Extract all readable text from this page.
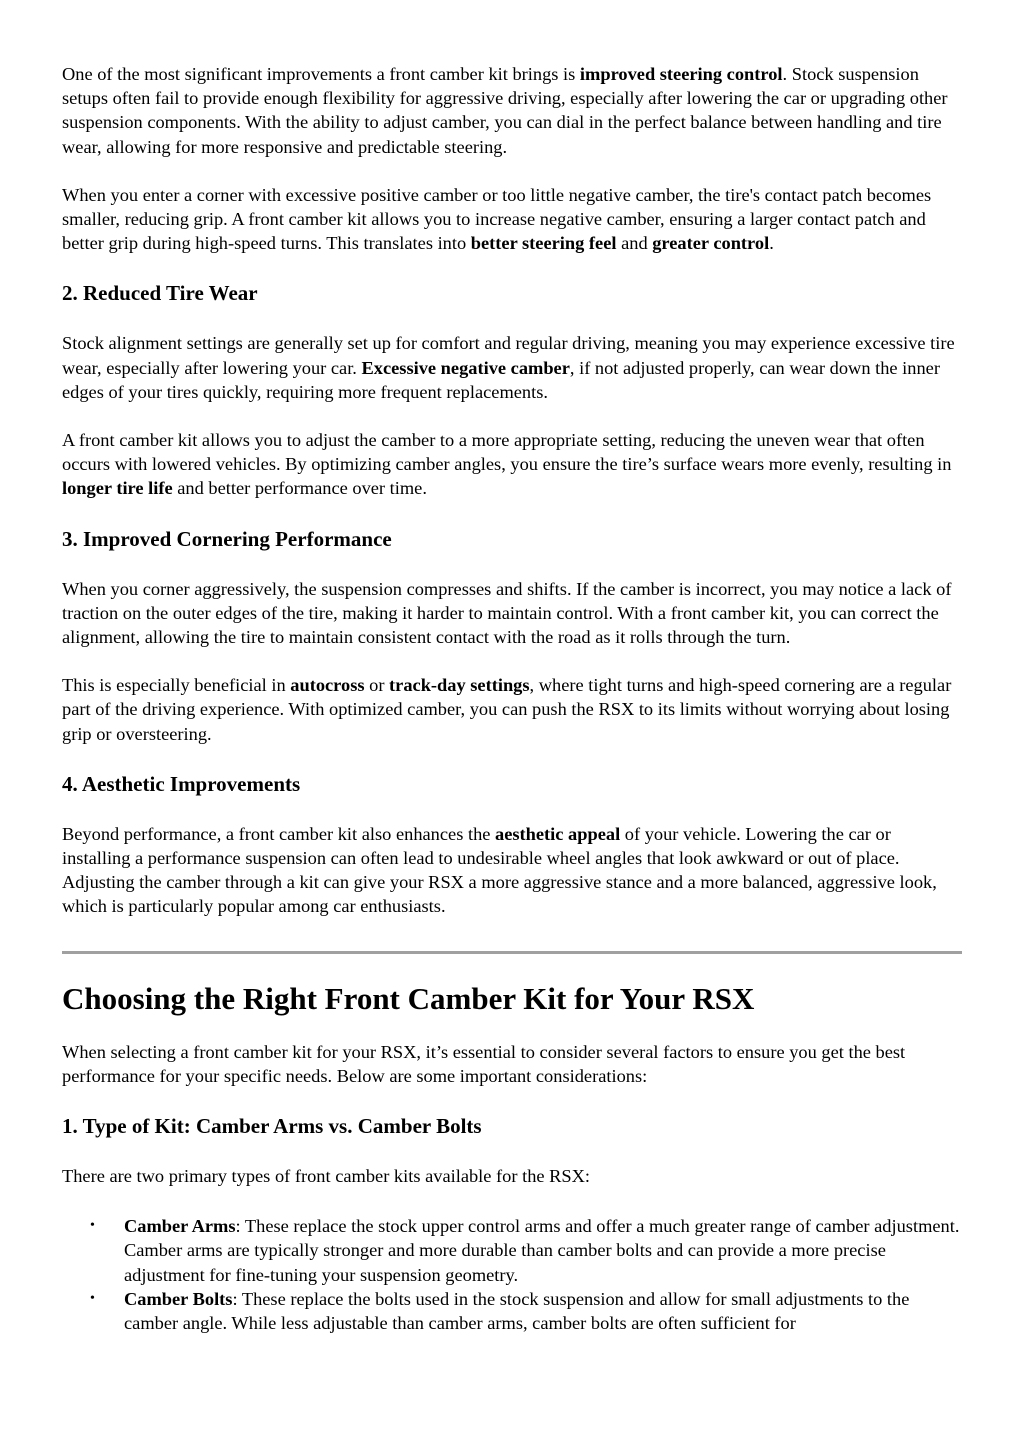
One of the most significant improvements a front camber kit brings is improved steering control. Stock suspension setups often fail to provide enough flexibility for aggressive driving, especially after lowering the car or upgrading other suspension components. With the ability to adjust camber, you can dial in the perfect balance between handling and tire wear, allowing for more responsive and predictable steering.

When you enter a corner with excessive positive camber or too little negative camber, the tire's contact patch becomes smaller, reducing grip. A front camber kit allows you to increase negative camber, ensuring a larger contact patch and better grip during high-speed turns. This translates into better steering feel and greater control.

2. Reduced Tire Wear

Stock alignment settings are generally set up for comfort and regular driving, meaning you may experience excessive tire wear, especially after lowering your car. Excessive negative camber, if not adjusted properly, can wear down the inner edges of your tires quickly, requiring more frequent replacements.

A front camber kit allows you to adjust the camber to a more appropriate setting, reducing the uneven wear that often occurs with lowered vehicles. By optimizing camber angles, you ensure the tire’s surface wears more evenly, resulting in longer tire life and better performance over time.

3. Improved Cornering Performance

When you corner aggressively, the suspension compresses and shifts. If the camber is incorrect, you may notice a lack of traction on the outer edges of the tire, making it harder to maintain control. With a front camber kit, you can correct the alignment, allowing the tire to maintain consistent contact with the road as it rolls through the turn.

This is especially beneficial in autocross or track-day settings, where tight turns and high-speed cornering are a regular part of the driving experience. With optimized camber, you can push the RSX to its limits without worrying about losing grip or oversteering.

4. Aesthetic Improvements

Beyond performance, a front camber kit also enhances the aesthetic appeal of your vehicle. Lowering the car or installing a performance suspension can often lead to undesirable wheel angles that look awkward or out of place. Adjusting the camber through a kit can give your RSX a more aggressive stance and a more balanced, aggressive look, which is particularly popular among car enthusiasts.

Choosing the Right Front Camber Kit for Your RSX

When selecting a front camber kit for your RSX, it’s essential to consider several factors to ensure you get the best performance for your specific needs. Below are some important considerations:

1. Type of Kit: Camber Arms vs. Camber Bolts

There are two primary types of front camber kits available for the RSX:

• Camber Arms: These replace the stock upper control arms and offer a much greater range of camber adjustment. Camber arms are typically stronger and more durable than camber bolts and can provide a more precise adjustment for fine-tuning your suspension geometry.
• Camber Bolts: These replace the bolts used in the stock suspension and allow for small adjustments to the camber angle. While less adjustable than camber arms, camber bolts are often sufficient for
